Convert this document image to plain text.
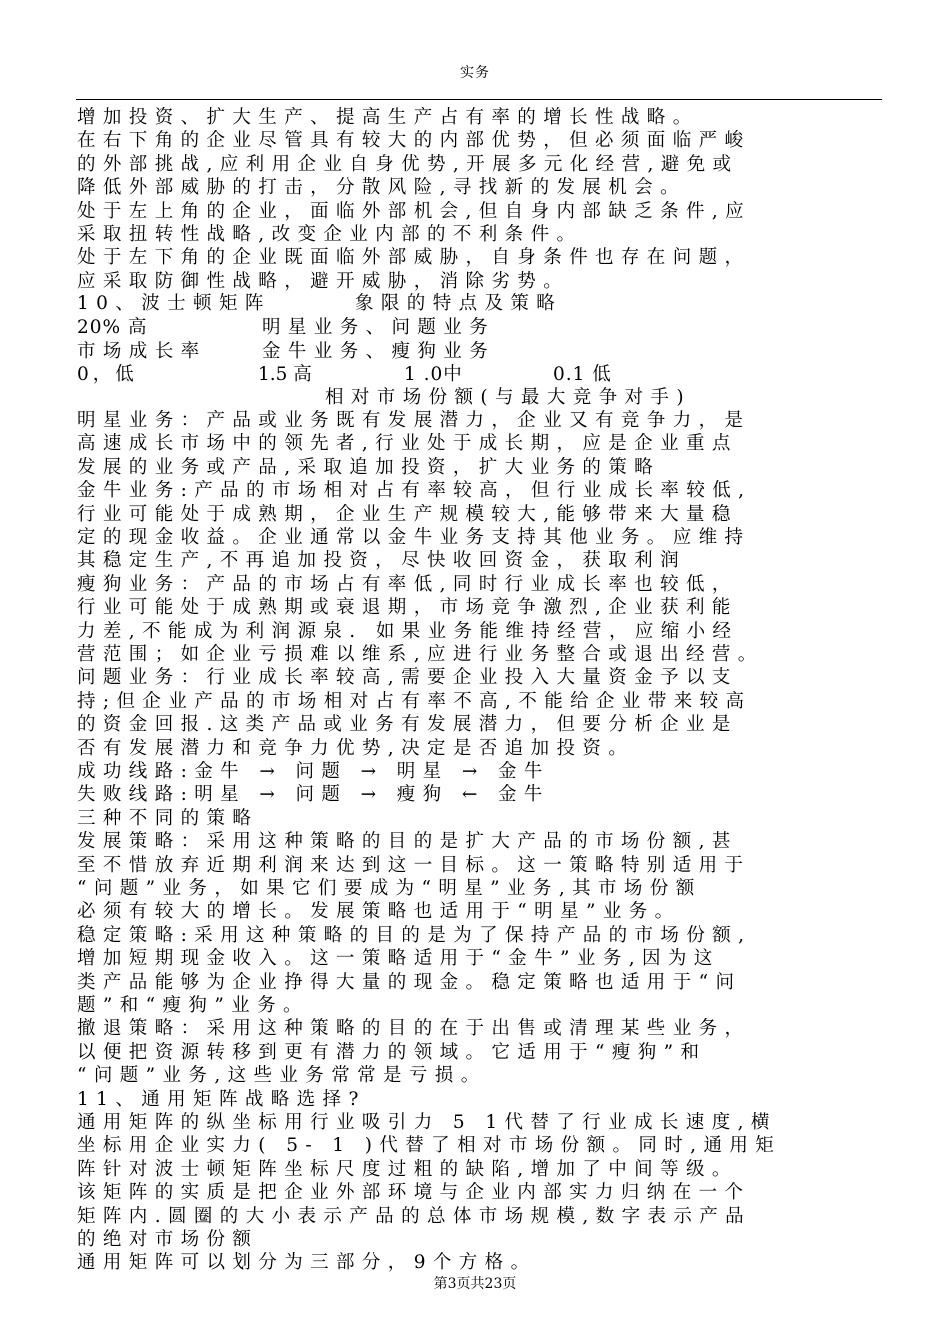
实务
增加投资、扩大生产、提高生产占有率的增长性战略。
在右下角的企业尽管具有较大的内部优势，但必须面临严峻
的外部挑战,应利用企业自身优势,开展多元化经营,避免或
降低外部威胁的打击，分散风险,寻找新的发展机会。
处于左上角的企业，面临外部机会,但自身内部缺乏条件,应
采取扭转性战略,改变企业内部的不利条件。
处于左下角的企业既面临外部威胁，自身条件也存在问题，
应采取防御性战略，避开威胁，消除劣势。
10、波士顿矩阵	象限的特点及策略
20% 高	明星业务、问题业务
市场成长率	金牛业务、瘦狗业务
0，低	1.5 高	1 .0中	0.1 低
相对市场份额(与最大竞争对手)
明星业务：产品或业务既有发展潜力，企业又有竞争力，是
高速成长市场中的领先者,行业处于成长期，应是企业重点
发展的业务或产品,采取追加投资，扩大业务的策略
金牛业务:产品的市场相对占有率较高，但行业成长率较低,
行业可能处于成熟期，企业生产规模较大,能够带来大量稳
定的现金收益。企业通常以金牛业务支持其他业务。应维持
其稳定生产,不再追加投资，尽快收回资金，获取利润
瘦狗业务：产品的市场占有率低,同时行业成长率也较低，
行业可能处于成熟期或衰退期，市场竞争激烈,企业获利能
力差,不能成为利润源泉. 如果业务能维持经营，应缩小经
营范围；如企业亏损难以维系,应进行业务整合或退出经营。
问题业务：行业成长率较高,需要企业投入大量资金予以支
持;但企业产品的市场相对占有率不高,不能给企业带来较高
的资金回报.这类产品或业务有发展潜力，但要分析企业是
否有发展潜力和竞争力优势,决定是否追加投资。
成功线路:金牛 → 问题 → 明星 → 金牛
失败线路:明星 → 问题 → 瘦狗 ← 金牛
三种不同的策略
发展策略：采用这种策略的目的是扩大产品的市场份额,甚
至不惜放弃近期利润来达到这一目标。这一策略特别适用于
“问题”业务，如果它们要成为“明星”业务,其市场份额
必须有较大的增长。发展策略也适用于“明星”业务。
稳定策略:采用这种策略的目的是为了保持产品的市场份额,
增加短期现金收入。这一策略适用于“金牛”业务,因为这
类产品能够为企业挣得大量的现金。稳定策略也适用于“问
题”和“瘦狗”业务。
撤退策略：采用这种策略的目的在于出售或清理某些业务，
以便把资源转移到更有潜力的领域。它适用于“瘦狗”和
“问题”业务,这些业务常常是亏损。
11、通用矩阵战略选择?
通用矩阵的纵坐标用行业吸引力 5 1代替了行业成长速度,横
坐标用企业实力( 5- 1 )代替了相对市场份额。同时,通用矩
阵针对波士顿矩阵坐标尺度过粗的缺陷,增加了中间等级。
该矩阵的实质是把企业外部环境与企业内部实力归纳在一个
矩阵内.圆圈的大小表示产品的总体市场规模,数字表示产品
的绝对市场份额
通用矩阵可以划分为三部分，9个方格。
第3页共23页
